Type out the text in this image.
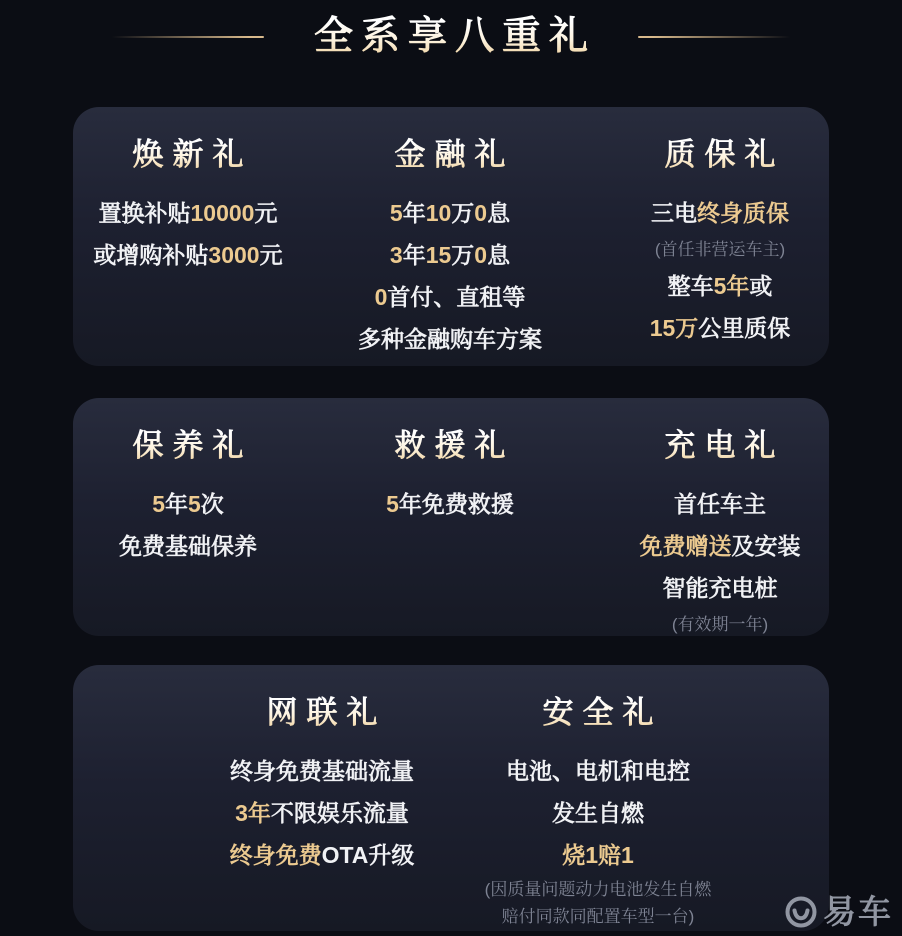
全系享八重礼
焕新礼
置换补贴10000元
或增购补贴3000元
金融礼
5年10万0息
3年15万0息
0首付、直租等
多种金融购车方案
质保礼
三电终身质保
(首任非营运车主)
整车5年或
15万公里质保
保养礼
5年5次
免费基础保养
救援礼
5年免费救援
充电礼
首任车主
免费赠送及安装
智能充电桩
(有效期一年)
网联礼
终身免费基础流量
3年不限娱乐流量
终身免费OTA升级
安全礼
电池、电机和电控
发生自燃
烧1赔1
(因质量问题动力电池发生自燃
赔付同款同配置车型一台)	易车
